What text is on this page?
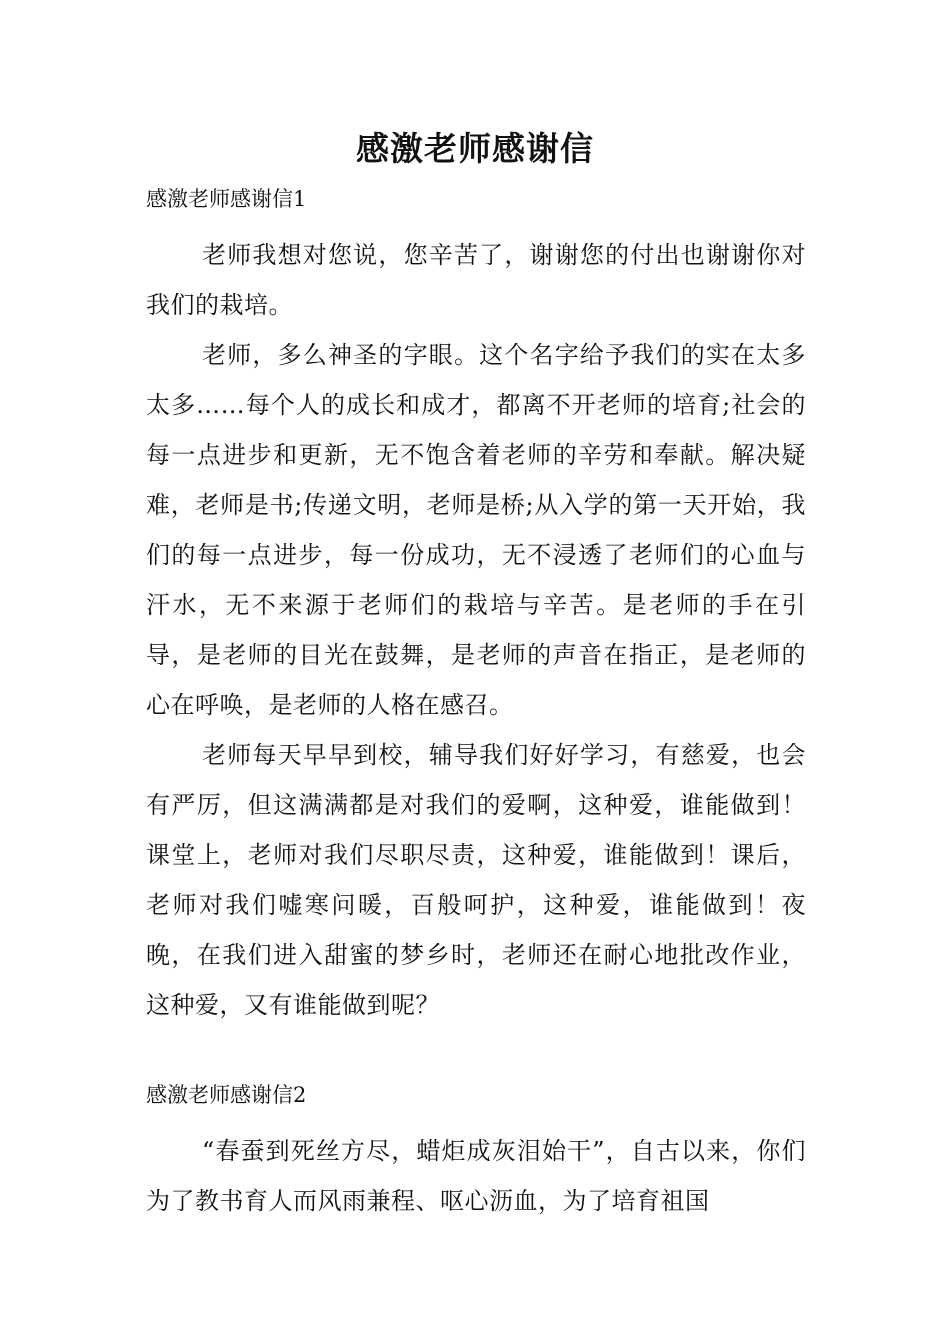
感激老师感谢信
感激老师感谢信1

老师我想对您说，您辛苦了，谢谢您的付出也谢谢你对我们的栽培。

老师，多么神圣的字眼。这个名字给予我们的实在太多太多……每个人的成长和成才，都离不开老师的培育;社会的每一点进步和更新，无不饱含着老师的辛劳和奉献。解决疑难，老师是书;传递文明，老师是桥;从入学的第一天开始，我们的每一点进步，每一份成功，无不浸透了老师们的心血与汗水，无不来源于老师们的栽培与辛苦。是老师的手在引导，是老师的目光在鼓舞，是老师的声音在指正，是老师的心在呼唤，是老师的人格在感召。

老师每天早早到校，辅导我们好好学习，有慈爱，也会有严厉，但这满满都是对我们的爱啊，这种爱，谁能做到！课堂上，老师对我们尽职尽责，这种爱，谁能做到！课后，老师对我们嘘寒问暖，百般呵护，这种爱，谁能做到！夜晚，在我们进入甜蜜的梦乡时，老师还在耐心地批改作业，这种爱，又有谁能做到呢？

感激老师感谢信2

“春蚕到死丝方尽，蜡炬成灰泪始干”，自古以来，你们为了教书育人而风雨兼程、呕心沥血，为了培育祖国
